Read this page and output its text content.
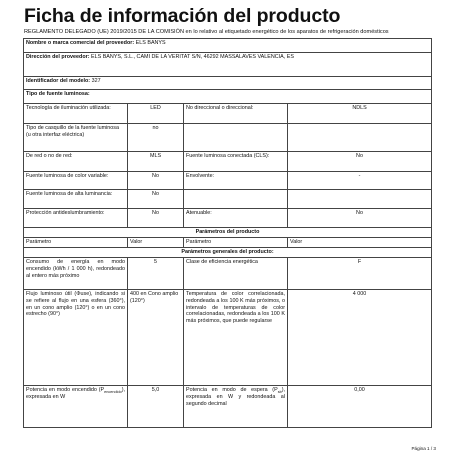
Ficha de información del producto
REGLAMENTO DELEGADO (UE) 2019/2015 DE LA COMISIÓN en lo relativo al etiquetado energético de los aparatos de refrigeración domésticos
Nombre o marca comercial del proveedor: ELS BANYS			
Dirección del proveedor: ELS BANYS, S.L., CAMI DE LA VERITAT S/N, 46292 MASSALAVES VALENCIA, ES			
Identificador del modelo: 327			
Tipo de fuente luminosa:			
Tecnología de iluminación utilizada:	LED	No direccional o direccional:	NDLS
Tipo de casquillo de la fuente luminosa
(u otra interfaz eléctrica)	no		
De red o no de red:	MLS	Fuente luminosa conectada (CLS):	No
Fuente luminosa de color variable:	No	Envolvente:	-
Fuente luminosa de alta luminancia:	No		
Protección antideslumbramiento:	No	Atenuable:	No
Parámetros del producto			
Parámetro	Valor	Parámetro	Valor
Parámetros generales del producto:			
Consumo de energía en modo encendido (kWh / 1 000 h), redondeado al entero más próximo	5	Clase de eficiencia energética	F
Flujo luminoso útil (Φuse), indicando si se refiere al flujo en una esfera (360°), en un cono amplio (120°) o en un cono estrecho (90°)	400 en Cono amplio (120°)	Temperatura de color correlacionada, redondeada a los 100 K más próximos, o intervalo de temperaturas de color correlacionadas, redondeada a los 100 K más próximos, que puede regularse	4 000
Potencia en modo encendido $(P_{encendido})$, expresada en W	5,0	Potencia en modo de espera $(P_{sb})$, expresada en W y redondeada al segundo decimal	0,00
Página 1 / 3
